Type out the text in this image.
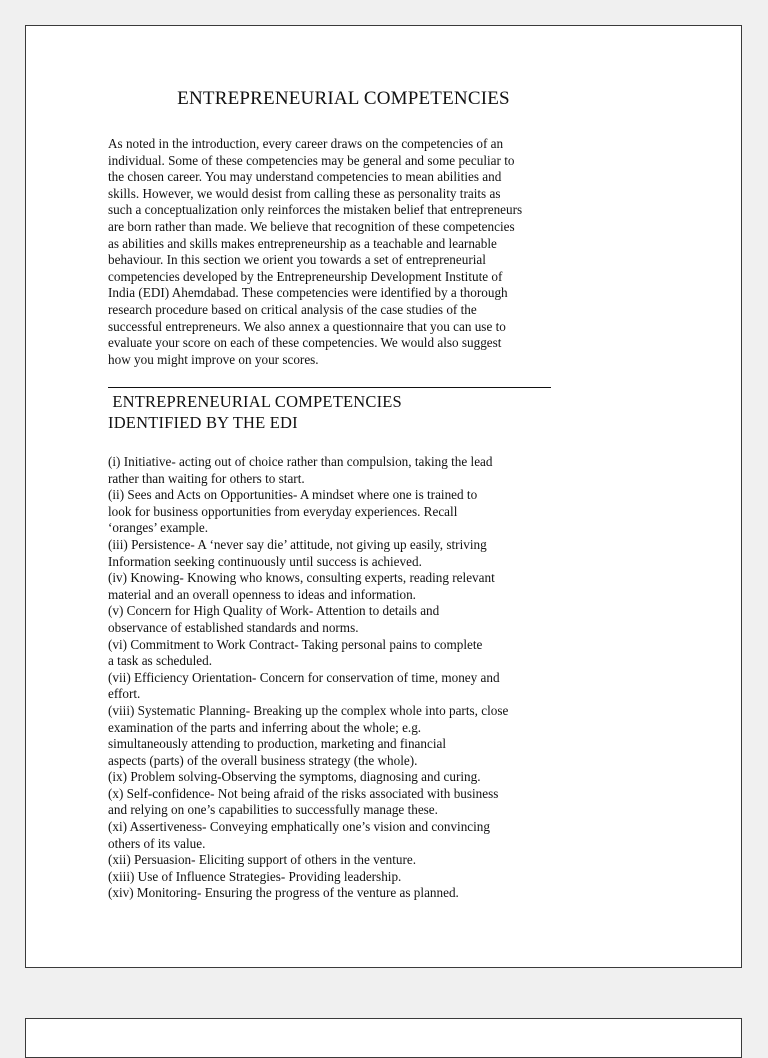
ENTREPRENEURIAL COMPETENCIES

As noted in the introduction, every career draws on the competencies of an
individual. Some of these competencies may be general and some peculiar to
the chosen career. You may understand competencies to mean abilities and
skills. However, we would desist from calling these as personality traits as
such a conceptualization only reinforces the mistaken belief that entrepreneurs
are born rather than made. We believe that recognition of these competencies
as abilities and skills makes entrepreneurship as a teachable and learnable
behaviour. In this section we orient you towards a set of entrepreneurial
competencies developed by the Entrepreneurship Development Institute of
India (EDI) Ahemdabad. These competencies were identified by a thorough
research procedure based on critical analysis of the case studies of the
successful entrepreneurs. We also annex a questionnaire that you can use to
evaluate your score on each of these competencies. We would also suggest
how you might improve on your scores.

ENTREPRENEURIAL COMPETENCIES
IDENTIFIED BY THE EDI
(i) Initiative- acting out of choice rather than compulsion, taking the lead
rather than waiting for others to start.
(ii) Sees and Acts on Opportunities- A mindset where one is trained to
look for business opportunities from everyday experiences. Recall
‘oranges’ example.
(iii) Persistence- A ‘never say die’ attitude, not giving up easily, striving
Information seeking continuously until success is achieved.
(iv) Knowing- Knowing who knows, consulting experts, reading relevant
material and an overall openness to ideas and information.
(v) Concern for High Quality of Work- Attention to details and
observance of established standards and norms.
(vi) Commitment to Work Contract- Taking personal pains to complete
a task as scheduled.
(vii) Efficiency Orientation- Concern for conservation of time, money and
effort.
(viii) Systematic Planning- Breaking up the complex whole into parts, close
examination of the parts and inferring about the whole; e.g.
simultaneously attending to production, marketing and financial
aspects (parts) of the overall business strategy (the whole).
(ix) Problem solving-Observing the symptoms, diagnosing and curing.
(x) Self-confidence- Not being afraid of the risks associated with business
and relying on one’s capabilities to successfully manage these.
(xi) Assertiveness- Conveying emphatically one’s vision and convincing
others of its value.
(xii) Persuasion- Eliciting support of others in the venture.
(xiii) Use of Influence Strategies- Providing leadership.
(xiv) Monitoring- Ensuring the progress of the venture as planned.
